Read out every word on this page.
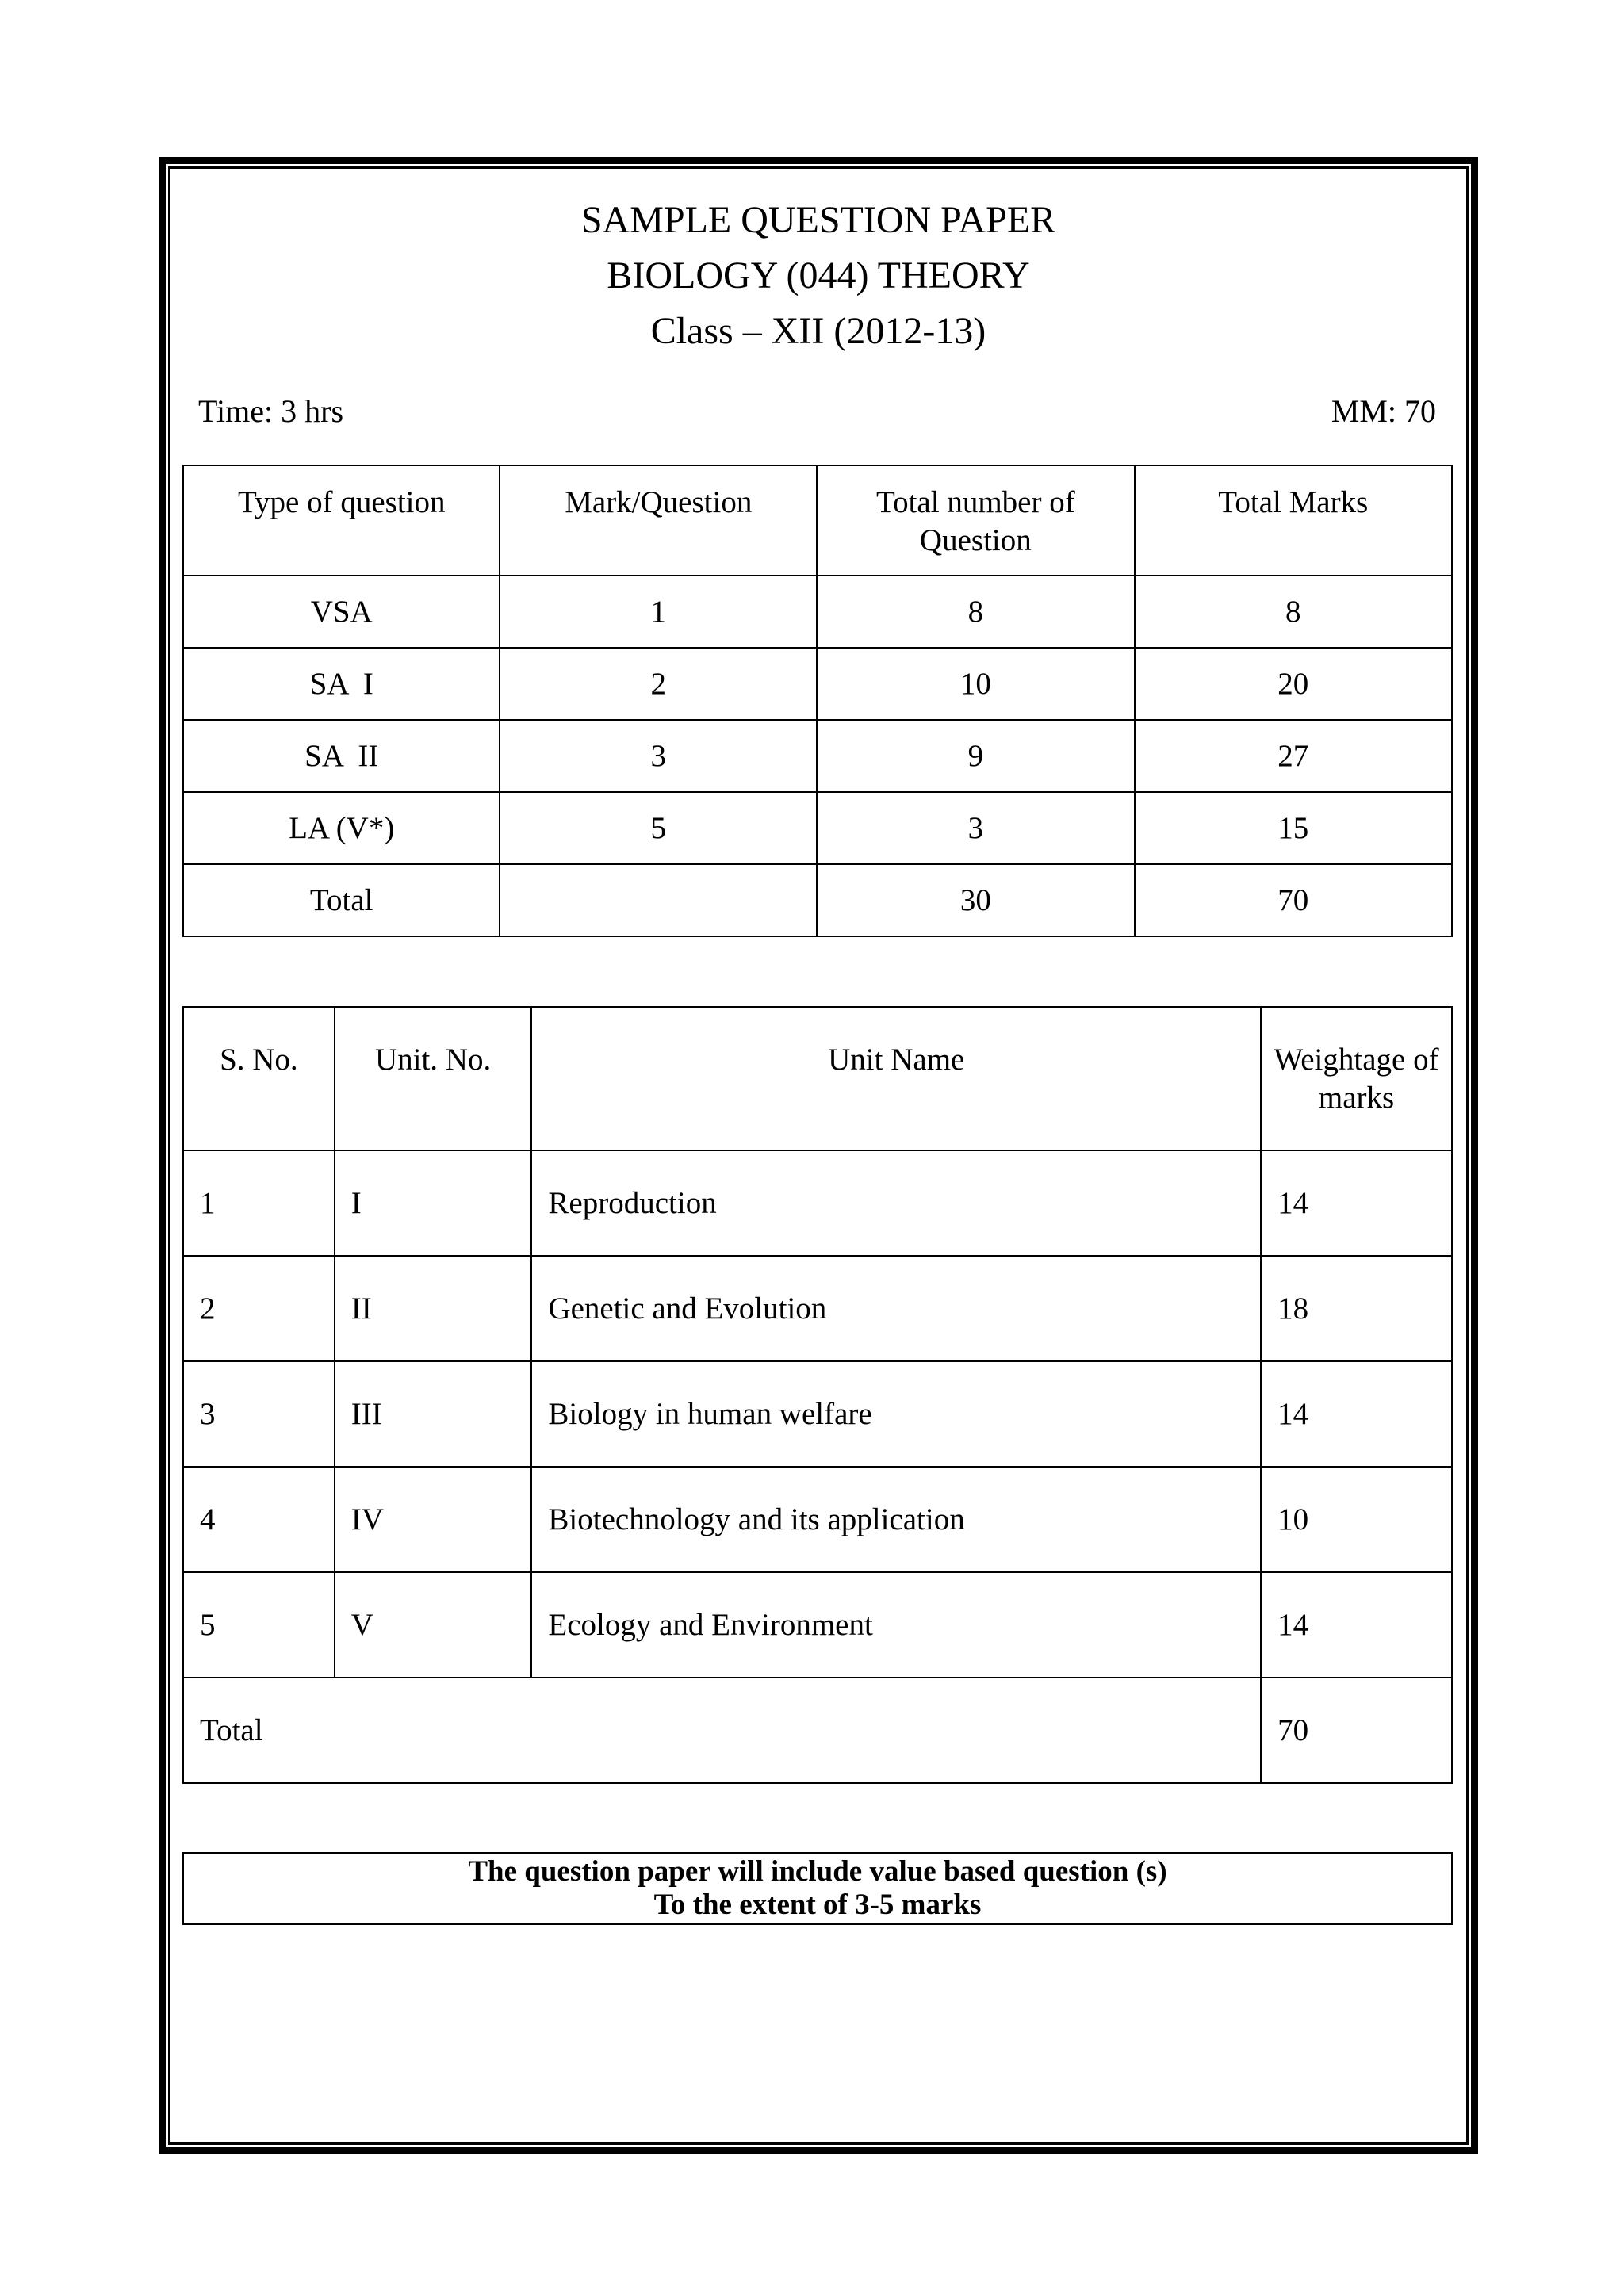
SAMPLE QUESTION PAPER
BIOLOGY (044) THEORY
Class – XII (2012-13)
Time: 3 hrs	MM: 70
Type of question	Mark/Question	Total number of Question	Total Marks
VSA	1	8	8
SA  I	2	10	20
SA  II	3	9	27
LA (V*)	5	3	15
Total		30	70
S. No.	Unit. No.	Unit Name	Weightage of marks
1	I	Reproduction	14
2	II	Genetic and Evolution	18
3	III	Biology in human welfare	14
4	IV	Biotechnology and its application	10
5	V	Ecology and Environment	14
Total			70
The question paper will include value based question (s)
To the extent of 3-5 marks
